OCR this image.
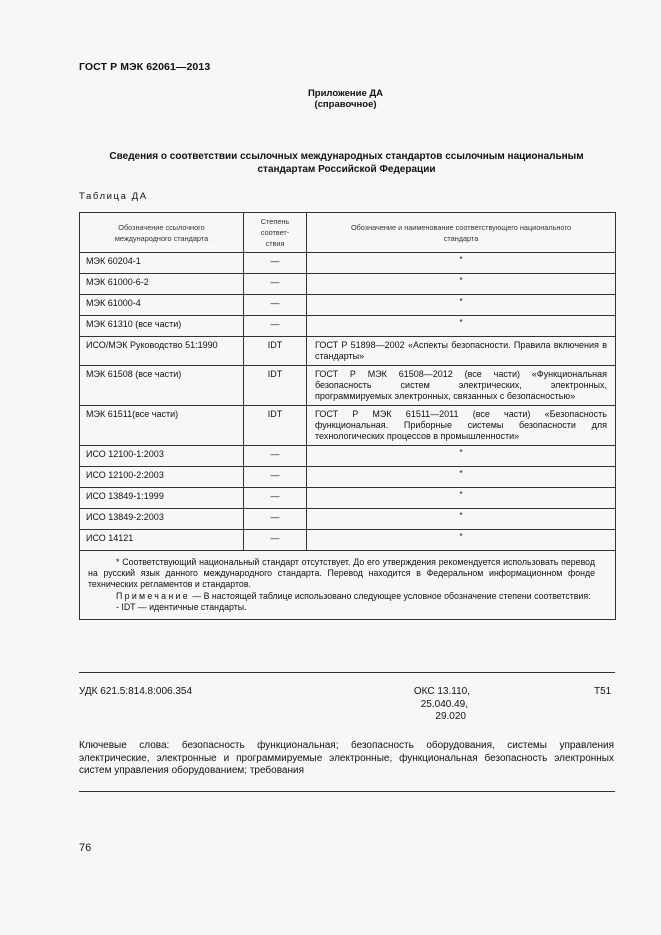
ГОСТ Р МЭК 62061—2013
Приложение ДА
(справочное)
Сведения о соответствии ссылочных международных стандартов ссылочным национальным
стандартам Российской Федерации
Таблица ДА
Обозначение ссылочного международного стандарта	Степень соответ-ствия	Обозначение и наименование соответствующего национального стандарта
МЭК 60204-1	—	*
МЭК 61000-6-2	—	*
МЭК 61000-4	—	*
МЭК 61310 (все части)	—	*
ИСО/МЭК Руководство 51:1990	IDT	ГОСТ Р 51898—2002 «Аспекты безопасности. Правила включения в стандарты»
МЭК 61508 (все части)	IDT	ГОСТ Р МЭК 61508—2012 (все части) «Функциональная безопасность систем электрических, электронных, программируемых электронных, связанных с безопасностью»
МЭК 61511(все части)	IDT	ГОСТ Р МЭК 61511—2011 (все части) «Безопасность функциональная. Приборные системы безопасности для технологических процессов в промышленности»
ИСО 12100-1:2003	—	*
ИСО 12100-2:2003	—	*
ИСО 13849-1:1999	—	*
ИСО 13849-2:2003	—	*
ИСО 14121	—	*

* Соответствующий национальный стандарт отсутствует. До его утверждения рекомендуется использовать перевод на русский язык данного международного стандарта. Перевод находится в Федеральном информационном фонде технических регламентов и стандартов.
Примечание — В настоящей таблице использовано следующее условное обозначение степени соответствия:
- IDT — идентичные стандарты.		
УДК 621.5:814.8:006.354	ОКС 13.110,
25.040.49,
29.020
Т51
Ключевые слова: безопасность функциональная; безопасность оборудования, системы управления электрические, электронные и программируемые электронные, функциональная безопасность электронных систем управления оборудованием; требования
76
